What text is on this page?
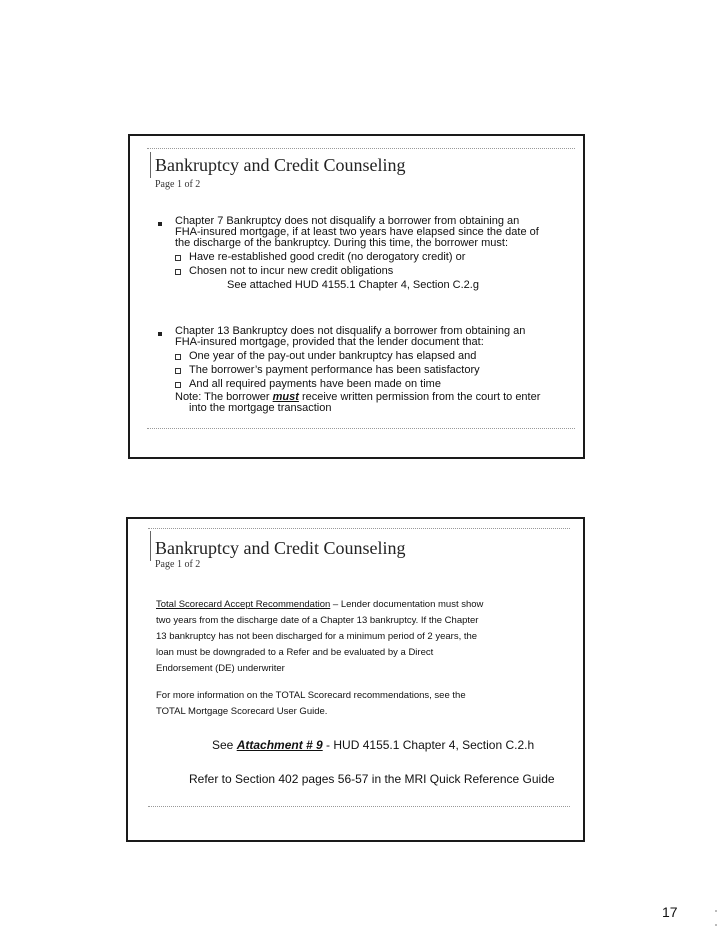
Bankruptcy and Credit Counseling
Page 1 of 2
Chapter 7 Bankruptcy does not disqualify a borrower from obtaining an
FHA-insured mortgage, if at least two years have elapsed since the date of
the discharge of the bankruptcy. During this time, the borrower must:
Have re-established good credit (no derogatory credit) or
Chosen not to incur new credit obligations
See attached HUD 4155.1 Chapter 4, Section C.2.g
Chapter 13 Bankruptcy does not disqualify a borrower from obtaining an
FHA-insured mortgage, provided that the lender document that:
One year of the pay-out under bankruptcy has elapsed and
The borrower’s payment performance has been satisfactory
And all required payments have been made on time
Note: The borrower must receive written permission from the court to enter
into the mortgage transaction
Bankruptcy and Credit Counseling
Page 1 of 2
Total Scorecard Accept Recommendation – Lender documentation must show
two years from the discharge date of a Chapter 13 bankruptcy. If the Chapter
13 bankruptcy has not been discharged for a minimum period of 2 years, the
loan must be downgraded to a Refer and be evaluated by a Direct
Endorsement (DE) underwriter
For more information on the TOTAL Scorecard recommendations, see the
TOTAL Mortgage Scorecard User Guide.
See Attachment # 9 - HUD 4155.1 Chapter 4, Section C.2.h
Refer to Section 402 pages 56-57 in the MRI Quick Reference Guide
17
